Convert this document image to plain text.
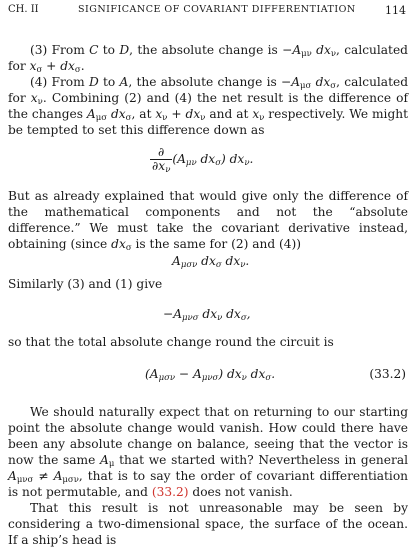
CH. II	SIGNIFICANCE OF COVARIANT DIFFERENTIATION	114
(3) From C to D, the absolute change is $-A_{\mu\nu}$ $dx_\nu$, calculated for $x_\sigma + dx_\sigma$.
(4) From D to A, the absolute change is $-A_{\mu\sigma}$ $dx_\sigma$, calculated for $x_\nu$. Combining (2) and (4) the net result is the difference of the changes $A_{\mu\sigma}$ $dx_\sigma$, at $x_\nu + dx_\nu$ and at $x_\nu$ respectively. We might be tempted to set this difference down as
$\frac{\partial}{\partial x_\nu} (A_{\mu\nu}$ $dx_\sigma$) $dx_\nu$.
But as already explained that would give only the difference of the mathematical components and not the “absolute difference.” We must take the covariant derivative instead, obtaining (since $dx_\sigma$ is the same for (2) and (4))
$A_{\mu\sigma\nu}$ $dx_\sigma$ $dx_\nu$.
Similarly (3) and (1) give
$-A_{\mu\nu\sigma}$ $dx_\nu$ $dx_\sigma$,
so that the total absolute change round the circuit is
$(A_{\mu\sigma\nu} - A_{\mu\nu\sigma})$ $dx_\nu$ $dx_\sigma$.	(33.2)
We should naturally expect that on returning to our starting point the absolute change would vanish. How could there have been any absolute change on balance, seeing that the vector is now the same $A_\mu$ that we started with? Nevertheless in general $A_{\mu\nu\sigma} \ne A_{\mu\sigma\nu}$, that is to say the order of covariant differentiation is not permutable, and (33.2) does not vanish.
That this result is not unreasonable may be seen by considering a two-dimensional space, the surface of the ocean. If a ship’s head is
